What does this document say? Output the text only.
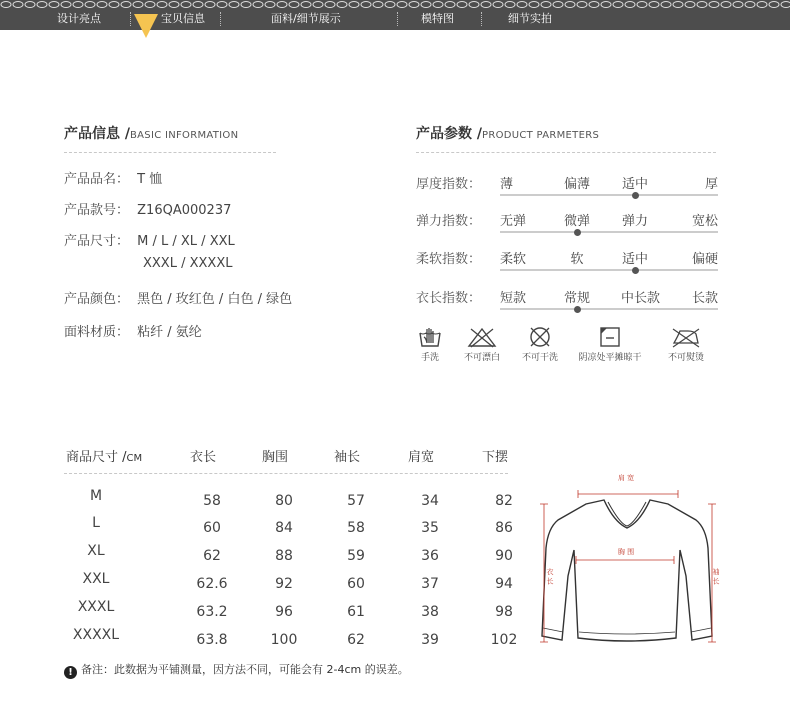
设计亮点	宝贝信息	面料/细节展示	模特图	细节实拍
产品信息 /BASIC INFORMATION
产品品名： T 恤
产品款号： Z16QA000237
产品尺寸： M / L / XL / XXL
XXXL / XXXXL
产品颜色： 黑色 / 玫红色 / 白色 / 绿色
面料材质： 粘纤 / 氨纶
产品参数 /PRODUCT PARMETERS
厚度指数： 薄	偏薄 适中	厚
弹力指数： 无弹	微弹 弹力	宽松
柔软指数： 柔软	软	适中	偏硬
衣长指数： 短款	常规 中长款 长款
手洗	不可漂白	不可干洗	阴凉处平摊晾干	不可熨烫
商品尺寸 /CM	衣长	胸围	袖长	肩宽	下摆
M	58	80	57	34	82
L	60	84	58	35	86
XL	62	88	59	36	90
XXL	62.6	92	60	37	94
XXXL	63.2	96	61	38	98
XXXXL	63.8	100	62	39	102
肩 宽
胸 围
衣 长	袖 长
! 备注：此数据为平铺测量，因方法不同，可能会有 2-4cm 的误差。
